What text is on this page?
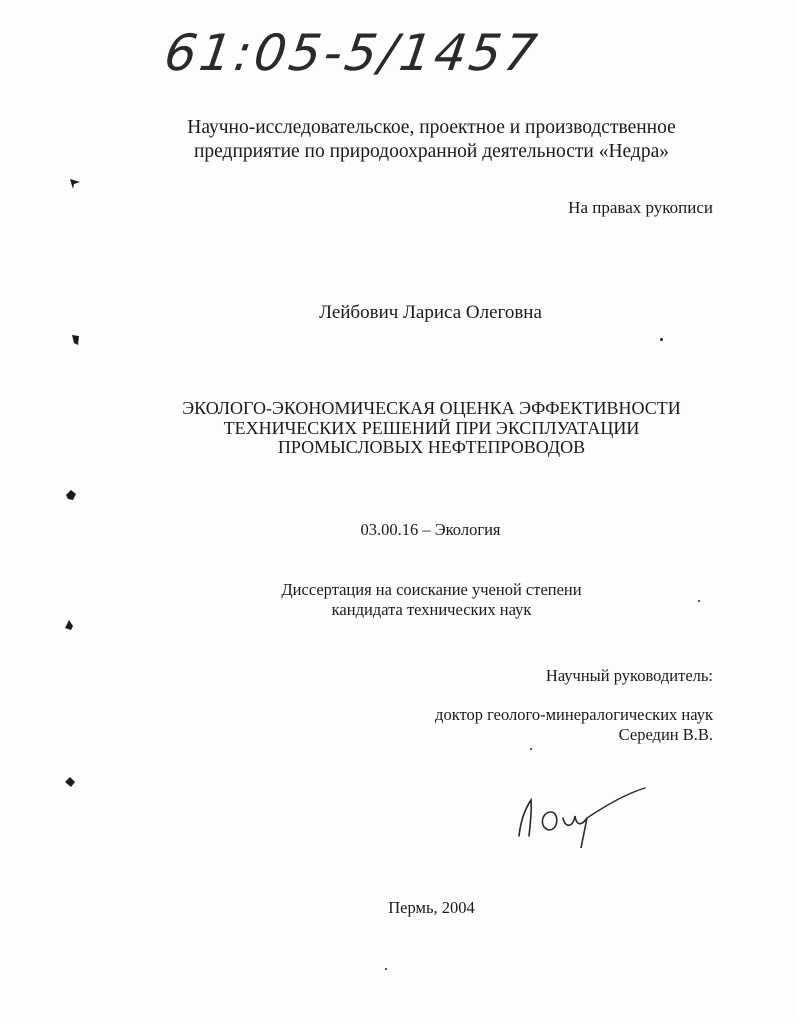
61:05-5/1457
Научно-исследовательское, проектное и производственное
предприятие по природоохранной деятельности «Недра»
На правах рукописи
Лейбович Лариса Олеговна
ЭКОЛОГО-ЭКОНОМИЧЕСКАЯ ОЦЕНКА ЭФФЕКТИВНОСТИ
ТЕХНИЧЕСКИХ РЕШЕНИЙ ПРИ ЭКСПЛУАТАЦИИ
ПРОМЫСЛОВЫХ НЕФТЕПРОВОДОВ
03.00.16 – Экология
Диссертация на соискание ученой степени
кандидата технических наук
Научный руководитель:
доктор геолого-минералогических наук
Середин В.В.
Пермь, 2004
